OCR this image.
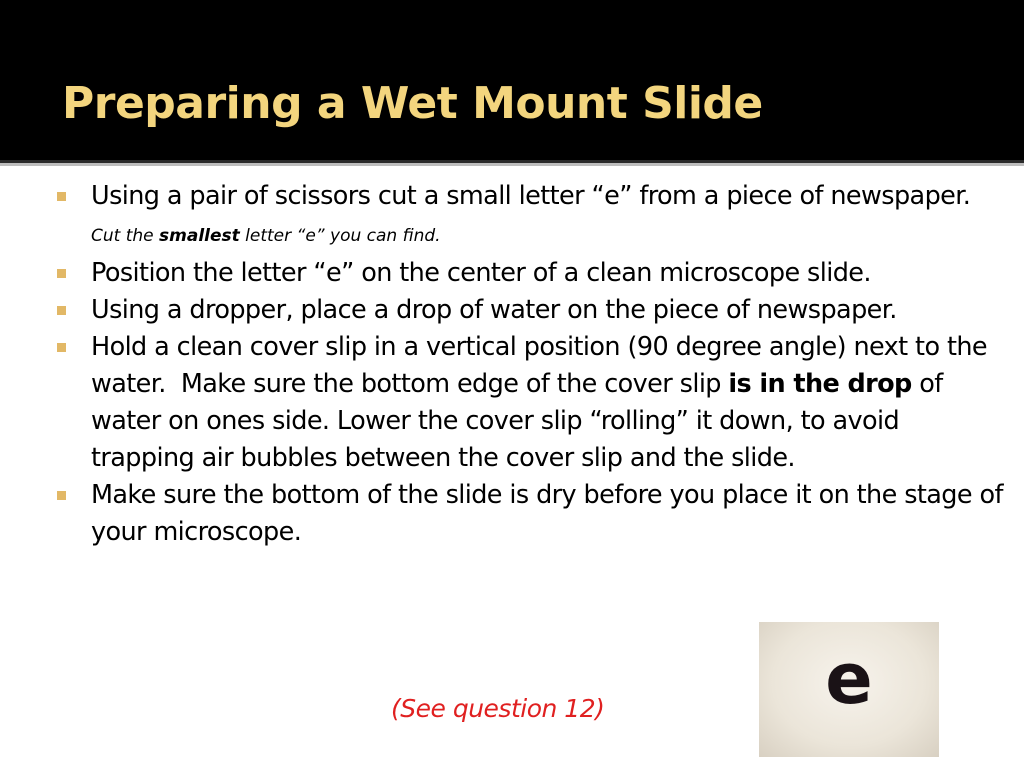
Preparing a Wet Mount Slide
Using a pair of scissors cut a small letter “e” from a piece of newspaper. Cut the smallest letter “e” you can find.
Position the letter “e” on the center of a clean microscope slide.
Using a dropper, place a drop of water on the piece of newspaper.
Hold a clean cover slip in a vertical position (90 degree angle) next to the water.  Make sure the bottom edge of the cover slip is in the drop of water on ones side. Lower the cover slip “rolling” it down, to avoid trapping air bubbles between the cover slip and the slide.
Make sure the bottom of the slide is dry before you place it on the stage of your microscope.
(See question 12)	e
